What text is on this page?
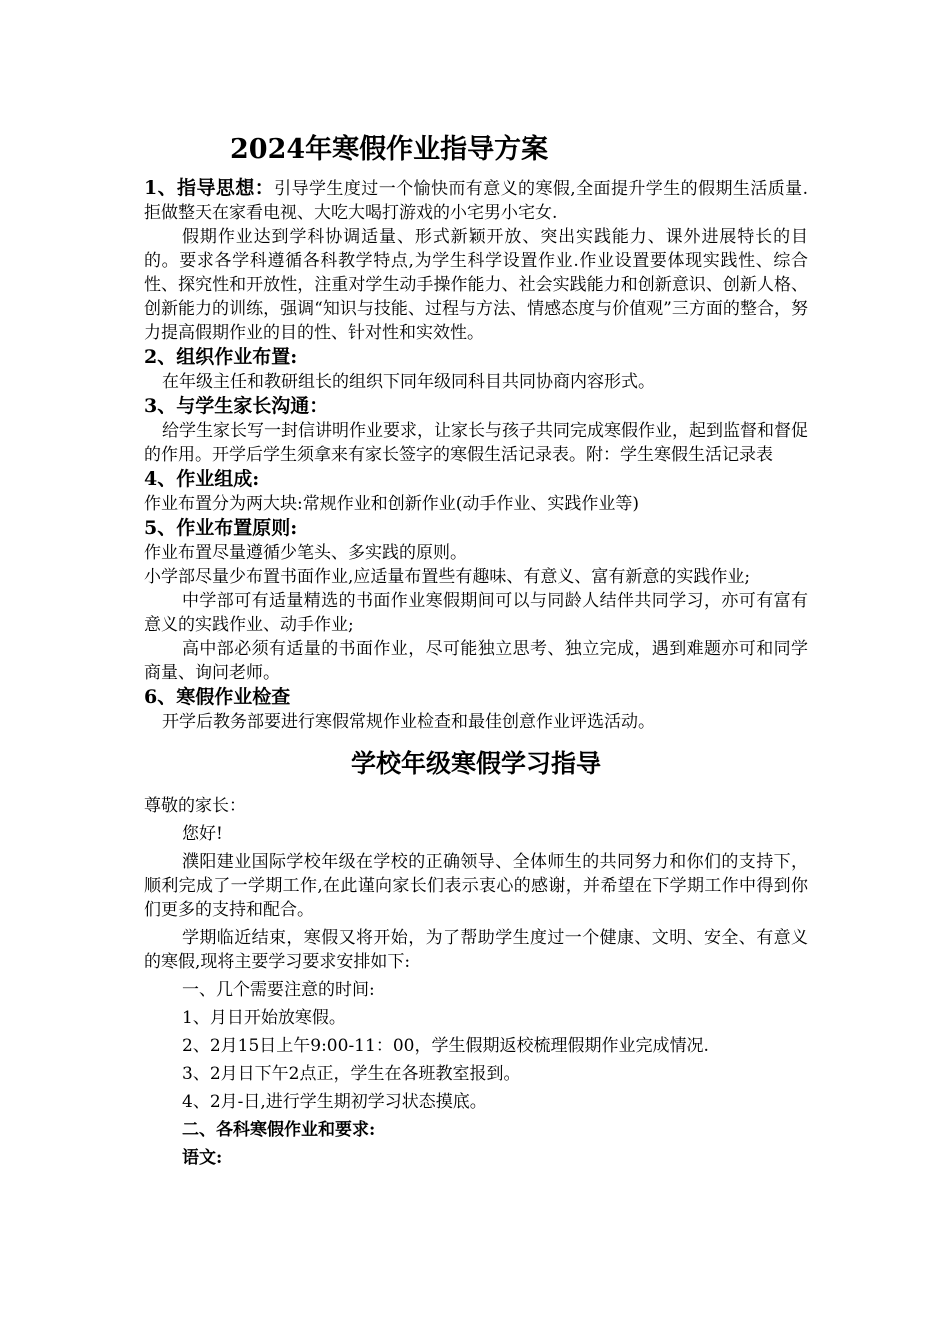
2024年寒假作业指导方案

1、指导思想：引导学生度过一个愉快而有意义的寒假,全面提升学生的假期生活质量.拒做整天在家看电视、大吃大喝打游戏的小宅男小宅女.

假期作业达到学科协调适量、形式新颖开放、突出实践能力、课外进展特长的目的。要求各学科遵循各科教学特点,为学生科学设置作业.作业设置要体现实践性、综合性、探究性和开放性，注重对学生动手操作能力、社会实践能力和创新意识、创新人格、创新能力的训练，强调“知识与技能、过程与方法、情感态度与价值观”三方面的整合，努力提高假期作业的目的性、针对性和实效性。

2、组织作业布置:

在年级主任和教研组长的组织下同年级同科目共同协商内容形式。

3、与学生家长沟通：

给学生家长写一封信讲明作业要求，让家长与孩子共同完成寒假作业，起到监督和督促的作用。开学后学生须拿来有家长签字的寒假生活记录表。附：学生寒假生活记录表

4、作业组成:

作业布置分为两大块:常规作业和创新作业(动手作业、实践作业等)

5、作业布置原则:

作业布置尽量遵循少笔头、多实践的原则。

小学部尽量少布置书面作业,应适量布置些有趣味、有意义、富有新意的实践作业;

中学部可有适量精选的书面作业寒假期间可以与同龄人结伴共同学习，亦可有富有意义的实践作业、动手作业;

高中部必须有适量的书面作业，尽可能独立思考、独立完成，遇到难题亦可和同学商量、询问老师。

6、寒假作业检查

开学后教务部要进行寒假常规作业检查和最佳创意作业评选活动。

学校年级寒假学习指导

尊敬的家长：

您好!

濮阳建业国际学校年级在学校的正确领导、全体师生的共同努力和你们的支持下，顺利完成了一学期工作,在此谨向家长们表示衷心的感谢，并希望在下学期工作中得到你们更多的支持和配合。

学期临近结束，寒假又将开始，为了帮助学生度过一个健康、文明、安全、有意义的寒假,现将主要学习要求安排如下:

一、几个需要注意的时间:

1、月日开始放寒假。

2、2月15日上午9:00-11：00，学生假期返校梳理假期作业完成情况.

3、2月日下午2点正，学生在各班教室报到。

4、2月-日,进行学生期初学习状态摸底。

二、各科寒假作业和要求:

语文:
